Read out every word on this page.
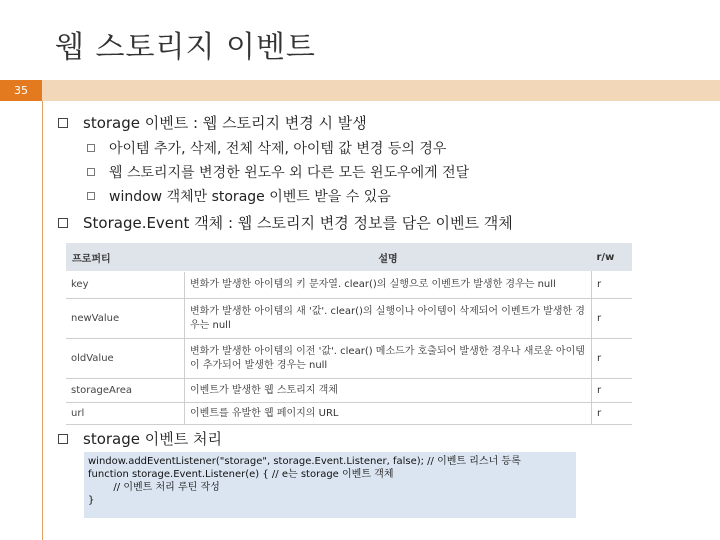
웹 스토리지 이벤트
35
storage 이벤트 : 웹 스토리지 변경 시 발생
아이템 추가, 삭제, 전체 삭제, 아이템 값 변경 등의 경우
웹 스토리지를 변경한 윈도우 외 다른 모든 윈도우에게 전달
window 객체만 storage 이벤트 받을 수 있음
Storage.Event 객체 : 웹 스토리지 변경 정보를 담은 이벤트 객체
프로퍼티	설명	r/w
key	변화가 발생한 아이템의 키 문자열. clear()의 실행으로 이벤트가 발생한 경우는 null	r
newValue	변화가 발생한 아이템의 새 '값'. clear()의 실행이나 아이템이 삭제되어 이벤트가 발생한 경우는 null	r
oldValue	변화가 발생한 아이템의 이전 '값'. clear() 메소드가 호출되어 발생한 경우나 새로운 아이템이 추가되어 발생한 경우는 null	r
storageArea	이벤트가 발생한 웹 스토리지 객체	r
url	이벤트를 유발한 웹 페이지의 URL	r
storage 이벤트 처리
window.addEventListener("storage", storage.Event.Listener, false); // 이벤트 리스너 등록
function storage.Event.Listener(e) { // e는 storage 이벤트 객체
// 이벤트 처리 루틴 작성
}
